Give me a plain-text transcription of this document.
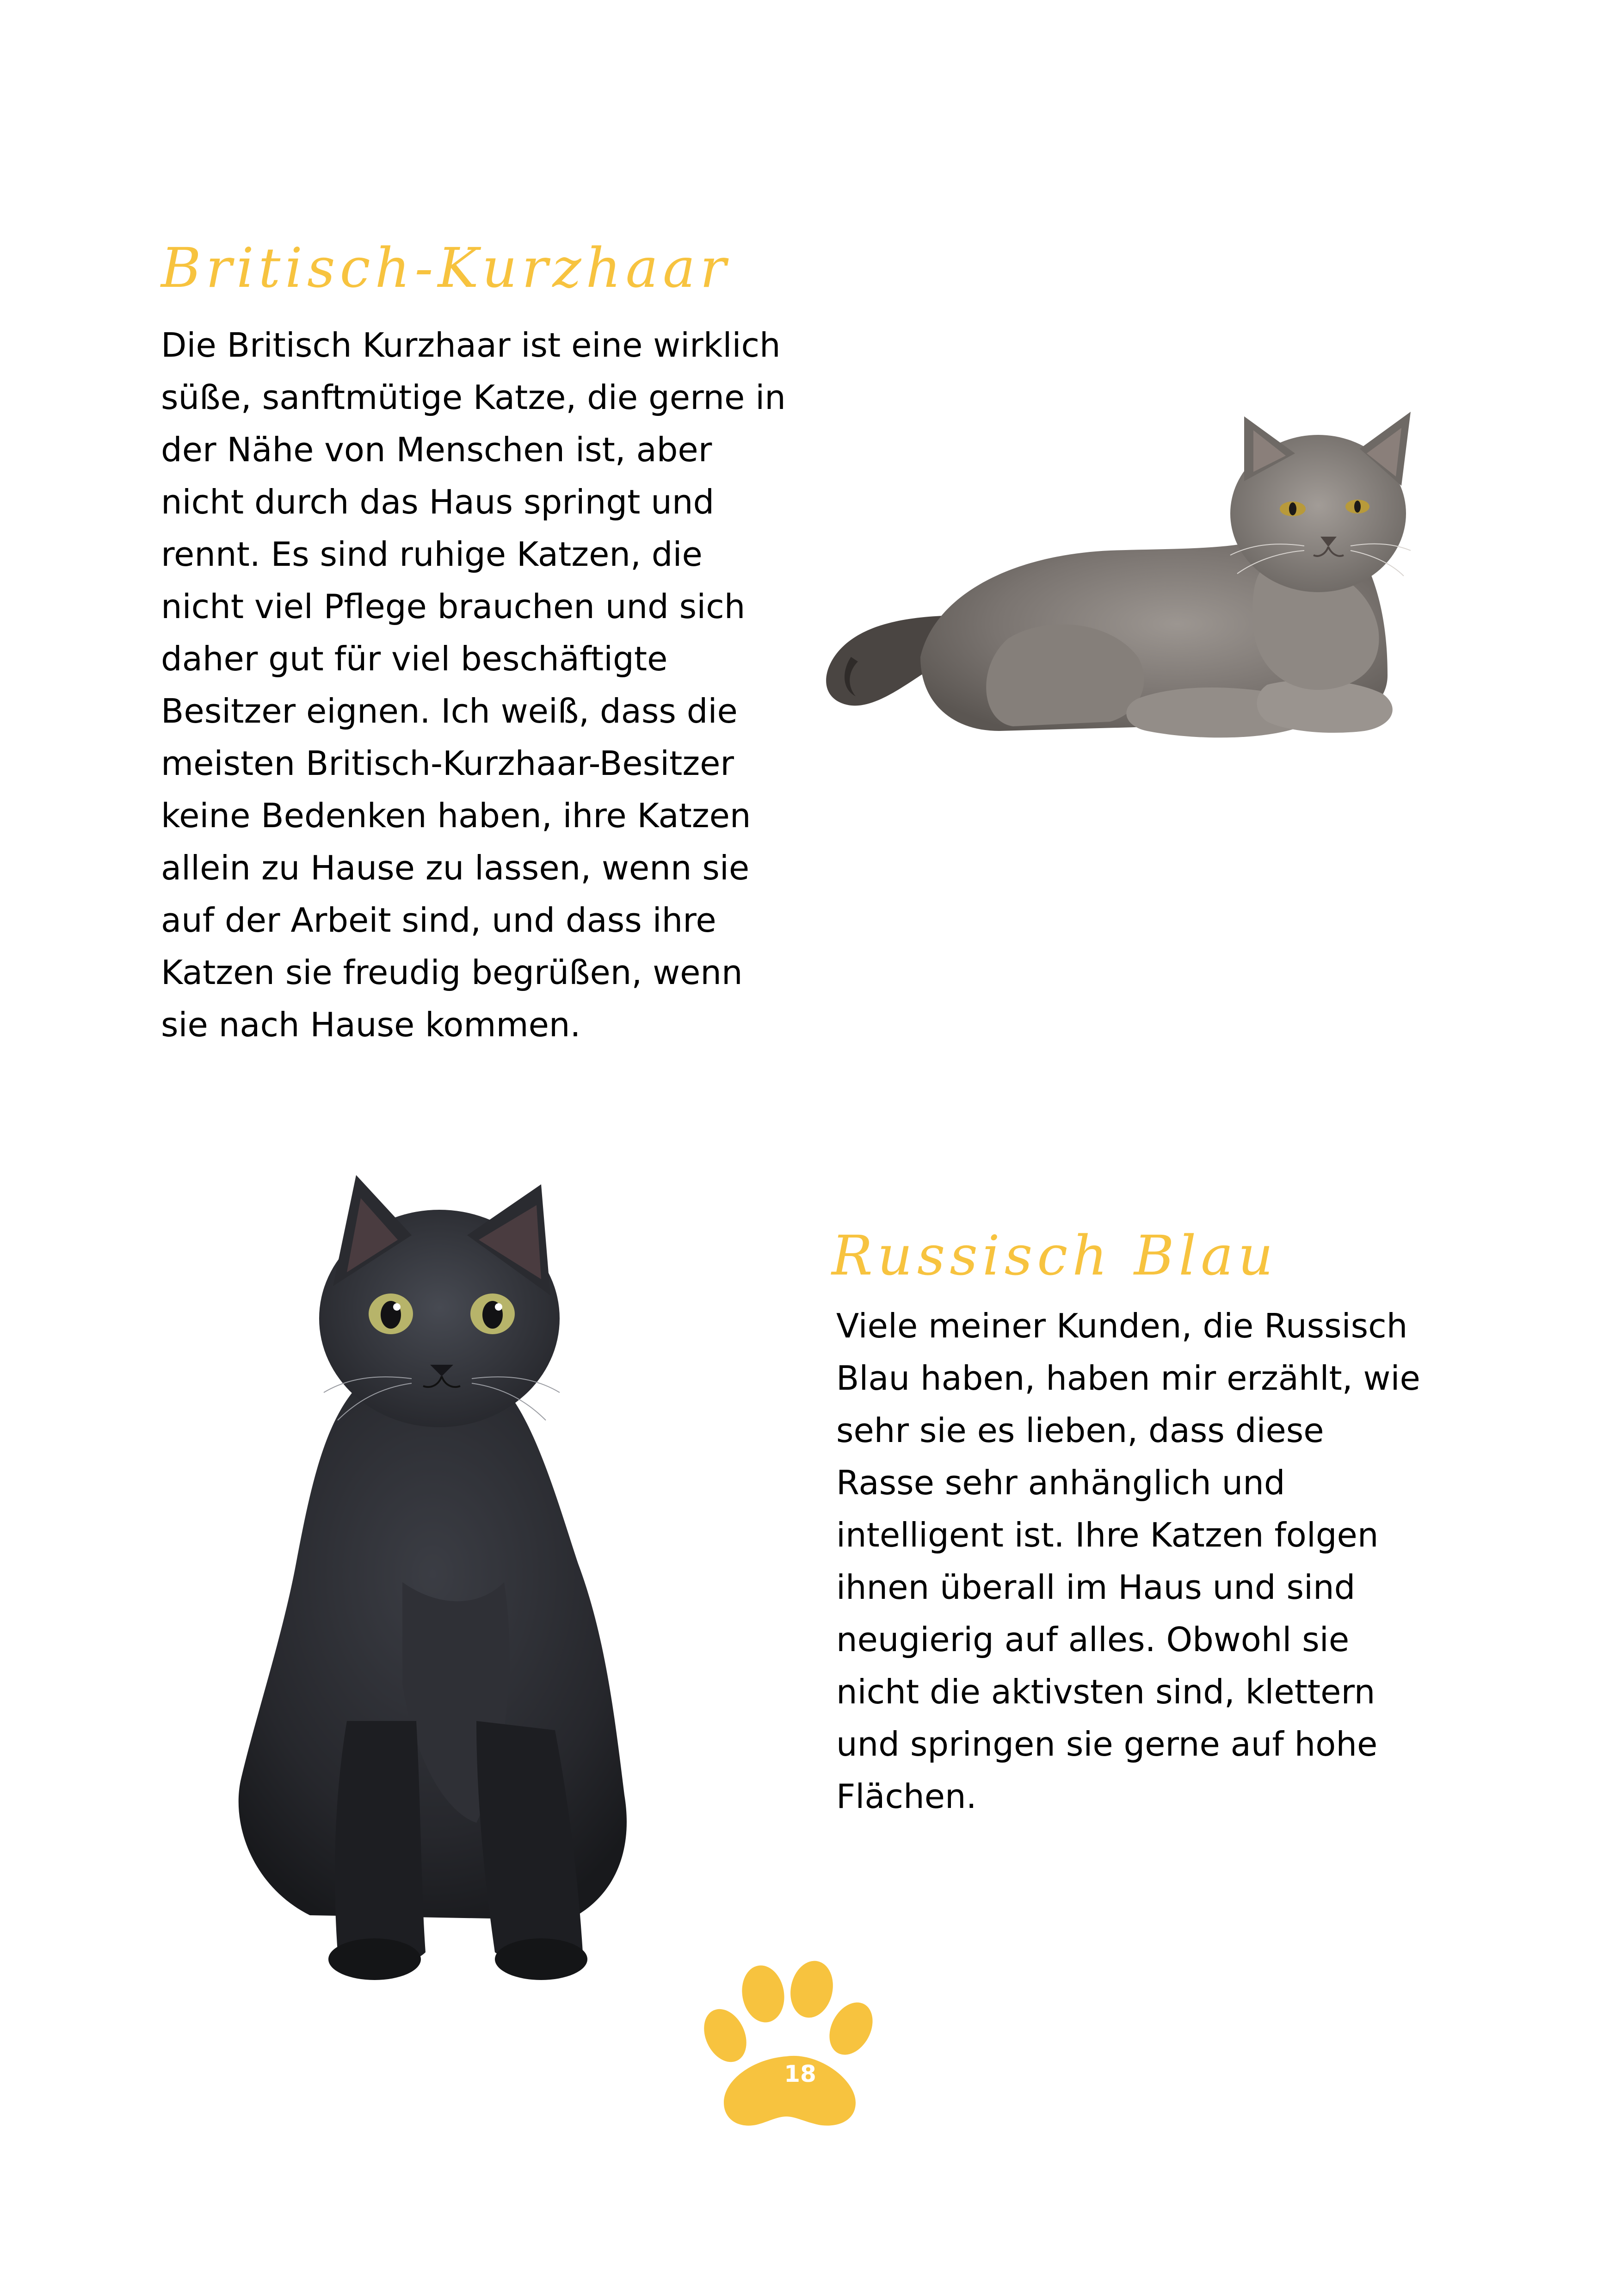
Britisch-Kurzhaar
Die Britisch Kurzhaar ist eine wirklich
süße, sanftmütige Katze, die gerne in
der Nähe von Menschen ist, aber
nicht durch das Haus springt und
rennt. Es sind ruhige Katzen, die
nicht viel Pflege brauchen und sich
daher gut für viel beschäftigte
Besitzer eignen. Ich weiß, dass die
meisten Britisch-Kurzhaar-Besitzer
keine Bedenken haben, ihre Katzen
allein zu Hause zu lassen, wenn sie
auf der Arbeit sind, und dass ihre
Katzen sie freudig begrüßen, wenn
sie nach Hause kommen.
Russisch Blau
Viele meiner Kunden, die Russisch
Blau haben, haben mir erzählt, wie
sehr sie es lieben, dass diese
Rasse sehr anhänglich und
intelligent ist. Ihre Katzen folgen
ihnen überall im Haus und sind
neugierig auf alles. Obwohl sie
nicht die aktivsten sind, klettern
und springen sie gerne auf hohe
Flächen.
18
